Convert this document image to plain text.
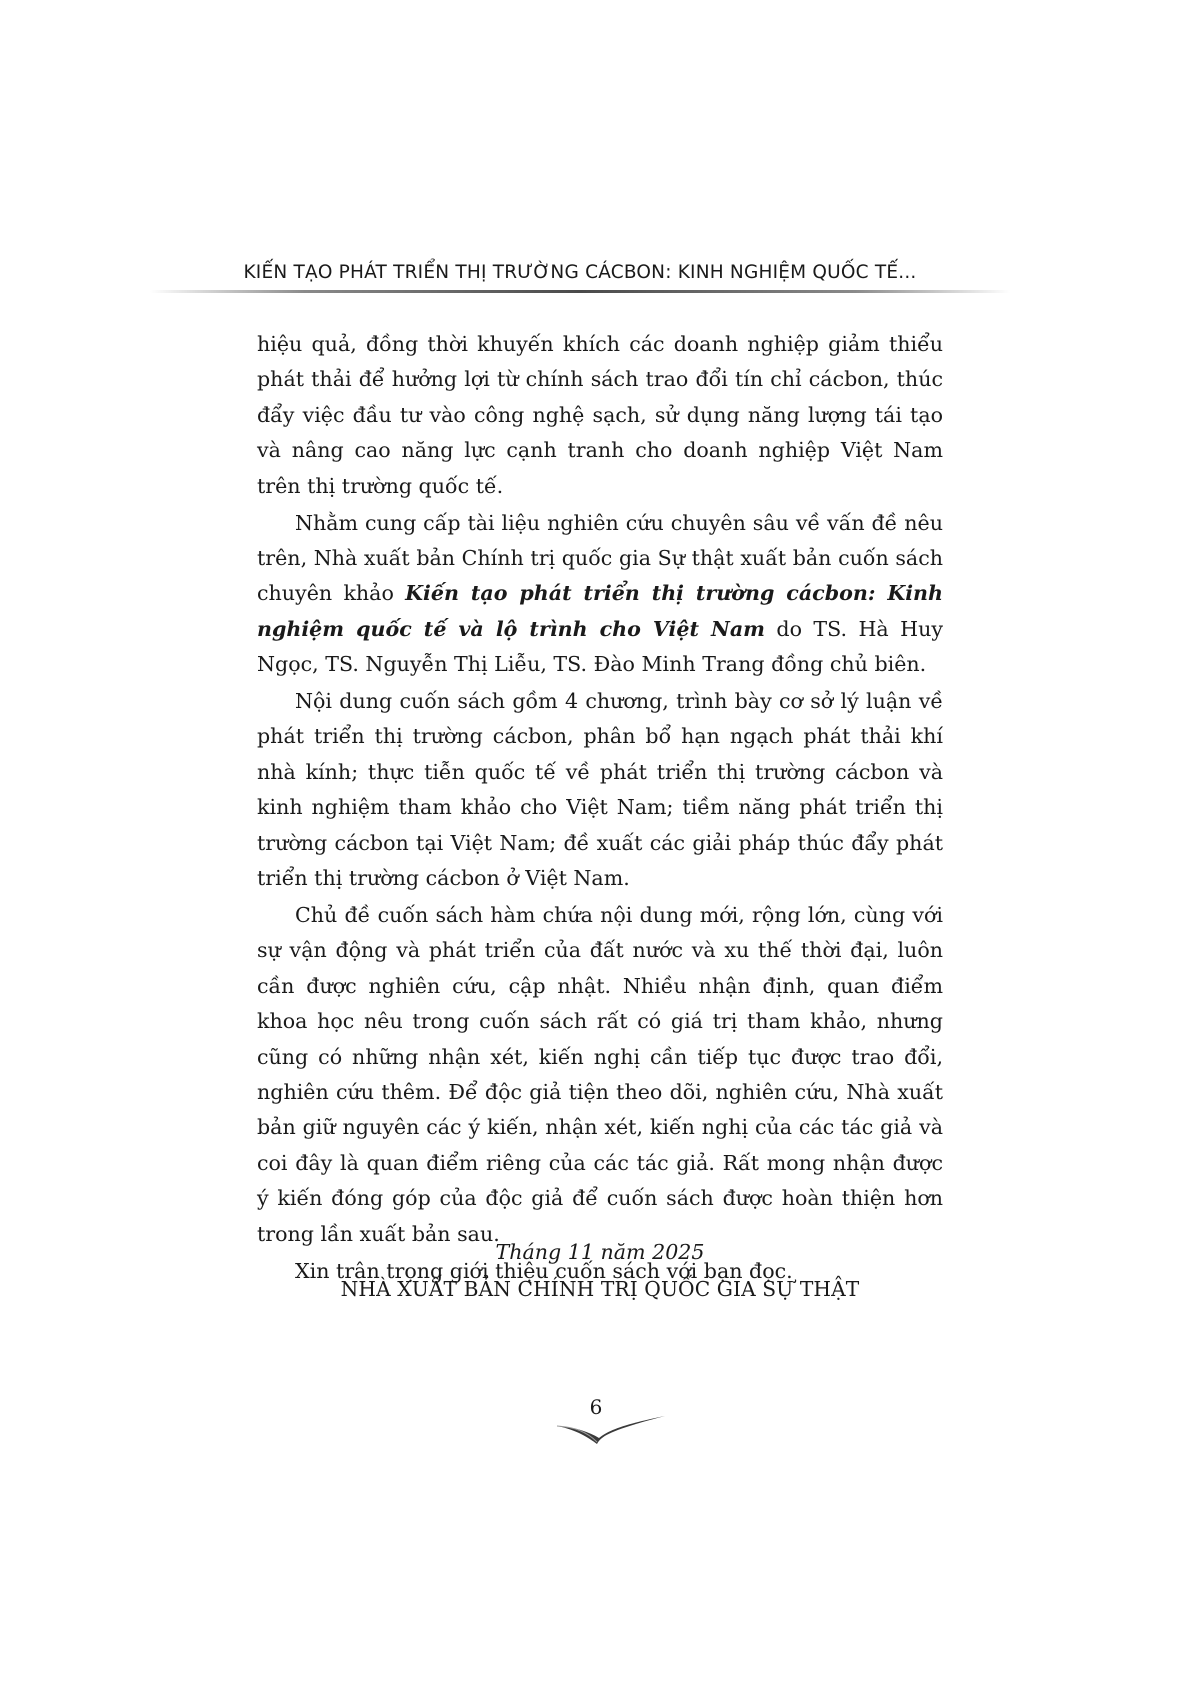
KIẾN TẠO PHÁT TRIỂN THỊ TRƯỜNG CÁCBON: KINH NGHIỆM QUỐC TẾ...

hiệu quả, đồng thời khuyến khích các doanh nghiệp giảm thiểu phát thải để hưởng lợi từ chính sách trao đổi tín chỉ cácbon, thúc đẩy việc đầu tư vào công nghệ sạch, sử dụng năng lượng tái tạo và nâng cao năng lực cạnh tranh cho doanh nghiệp Việt Nam trên thị trường quốc tế.

Nhằm cung cấp tài liệu nghiên cứu chuyên sâu về vấn đề nêu trên, Nhà xuất bản Chính trị quốc gia Sự thật xuất bản cuốn sách chuyên khảo Kiến tạo phát triển thị trường cácbon: Kinh nghiệm quốc tế và lộ trình cho Việt Nam do TS. Hà Huy Ngọc, TS. Nguyễn Thị Liễu, TS. Đào Minh Trang đồng chủ biên.

Nội dung cuốn sách gồm 4 chương, trình bày cơ sở lý luận về phát triển thị trường cácbon, phân bổ hạn ngạch phát thải khí nhà kính; thực tiễn quốc tế về phát triển thị trường cácbon và kinh nghiệm tham khảo cho Việt Nam; tiềm năng phát triển thị trường cácbon tại Việt Nam; đề xuất các giải pháp thúc đẩy phát triển thị trường cácbon ở Việt Nam.

Chủ đề cuốn sách hàm chứa nội dung mới, rộng lớn, cùng với sự vận động và phát triển của đất nước và xu thế thời đại, luôn cần được nghiên cứu, cập nhật. Nhiều nhận định, quan điểm khoa học nêu trong cuốn sách rất có giá trị tham khảo, nhưng cũng có những nhận xét, kiến nghị cần tiếp tục được trao đổi, nghiên cứu thêm. Để độc giả tiện theo dõi, nghiên cứu, Nhà xuất bản giữ nguyên các ý kiến, nhận xét, kiến nghị của các tác giả và coi đây là quan điểm riêng của các tác giả. Rất mong nhận được ý kiến đóng góp của độc giả để cuốn sách được hoàn thiện hơn trong lần xuất bản sau.

Xin trân trọng giới thiệu cuốn sách với bạn đọc.

Tháng 11 năm 2025
NHÀ XUẤT BẢN CHÍNH TRỊ QUỐC GIA SỰ THẬT
6
